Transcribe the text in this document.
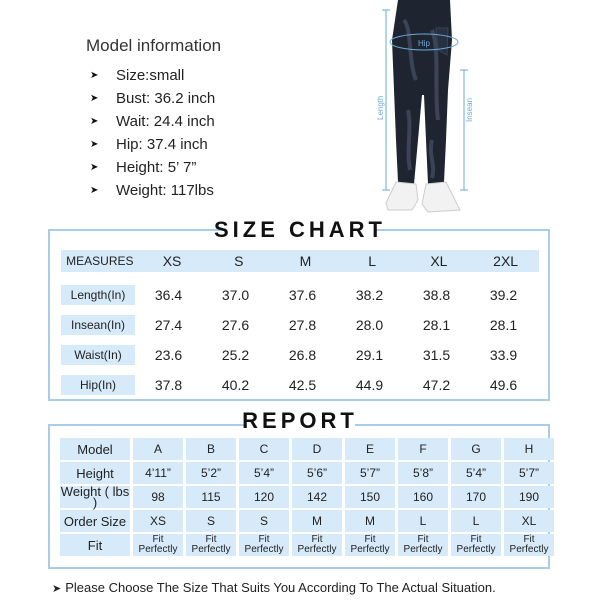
Model information
➤ Size:small
➤ Bust: 36.2 inch
➤ Wait: 24.4 inch
➤ Hip: 37.4 inch
➤ Height: 5’ 7”
➤ Weight: 117lbs
Hip
Length	Insean
SIZE CHART
MEASURES	XS	S	M	L	XL	2XL
Length(In)	36.4	37.0	37.6	38.2	38.8	39.2
Insean(In)	27.4	27.6	27.8	28.0	28.1	28.1
Waist(In)	23.6	25.2	26.8	29.1	31.5	33.9
Hip(In)	37.8	40.2	42.5	44.9	47.2	49.6
REPORT
Model	A	B	C	D	E	F	G	H
Height	4’11”	5’2”	5’4”	5’6”	5’7”	5’8”	5’4”	5’7”
Weight ( lbs )	98	115	120	142	150	160	170	190
Order Size	XS	S	S	M	M	L	L	XL
Fit	Fit Perfectly	Fit Perfectly	Fit Perfectly	Fit Perfectly	Fit Perfectly	Fit Perfectly	Fit Perfectly	Fit Perfectly
➤ Please Choose The Size That Suits You According To The Actual Situation.
